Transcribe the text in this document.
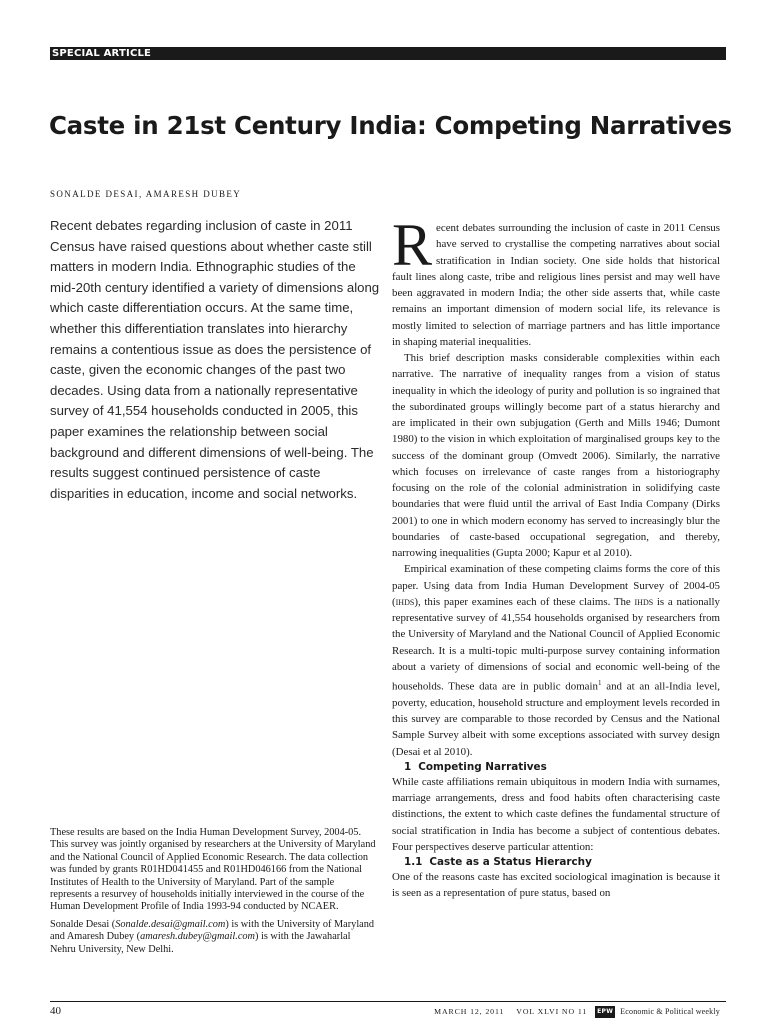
SPECIAL ARTICLE
Caste in 21st Century India: Competing Narratives
SONALDE DESAI, AMARESH DUBEY

Recent debates regarding inclusion of caste in 2011 Census have raised questions about whether caste still matters in modern India. Ethnographic studies of the mid-20th century identified a variety of dimensions along which caste differentiation occurs. At the same time, whether this differentiation translates into hierarchy remains a contentious issue as does the persistence of caste, given the economic changes of the past two decades. Using data from a nationally representative survey of 41,554 households conducted in 2005, this paper examines the relationship between social background and different dimensions of well-being. The results suggest continued persistence of caste disparities in education, income and social networks.

These results are based on the India Human Development Survey, 2004-05. This survey was jointly organised by researchers at the University of Maryland and the National Council of Applied Economic Research. The data collection was funded by grants R01HD041455 and R01HD046166 from the National Institutes of Health to the University of Maryland. Part of the sample represents a resurvey of households initially interviewed in the course of the Human Development Profile of India 1993-94 conducted by NCAER.

Sonalde Desai (Sonalde.desai@gmail.com) is with the University of Maryland and Amaresh Dubey (amaresh.dubey@gmail.com) is with the Jawaharlal Nehru University, New Delhi.

Recent debates surrounding the inclusion of caste in 2011 Census have served to crystallise the competing narratives about social stratification in Indian society. One side holds that historical fault lines along caste, tribe and religious lines persist and may well have been aggravated in modern India; the other side asserts that, while caste remains an important dimension of modern social life, its relevance is mostly limited to selection of marriage partners and has little importance in shaping material inequalities.

This brief description masks considerable complexities within each narrative. The narrative of inequality ranges from a vision of status inequality in which the ideology of purity and pollution is so ingrained that the subordinated groups willingly become part of a status hierarchy and are implicated in their own subjugation (Gerth and Mills 1946; Dumont 1980) to the vision in which exploitation of marginalised groups key to the success of the dominant group (Omvedt 2006). Similarly, the narrative which focuses on irrelevance of caste ranges from a historiography focusing on the role of the colonial administration in solidifying caste boundaries that were fluid until the arrival of East India Company (Dirks 2001) to one in which modern economy has served to increasingly blur the boundaries of caste-based occupational segregation, and thereby, narrowing inequalities (Gupta 2000; Kapur et al 2010).

Empirical examination of these competing claims forms the core of this paper. Using data from India Human Development Survey of 2004-05 (ihds), this paper examines each of these claims. The ihds is a nationally representative survey of 41,554 households organised by researchers from the University of Maryland and the National Council of Applied Economic Research. It is a multi-topic multi-purpose survey containing information about a variety of dimensions of social and economic well-being of the households. These data are in public domain$^1$ and at an all-India level, poverty, education, household structure and employment levels recorded in this survey are comparable to those recorded by Census and the National Sample Survey albeit with some exceptions associated with survey design (Desai et al 2010).

1 Competing Narratives

While caste affiliations remain ubiquitous in modern India with surnames, marriage arrangements, dress and food habits often characterising caste distinctions, the extent to which caste defines the fundamental structure of social stratification in India has become a subject of contentious debates. Four perspectives deserve particular attention:

1.1 Caste as a Status Hierarchy

One of the reasons caste has excited sociological imagination is because it is seen as a representation of pure status, based on

40	MARCH 12, 2011 VOL XLVI NO 11 EPW Economic & Political weekly
